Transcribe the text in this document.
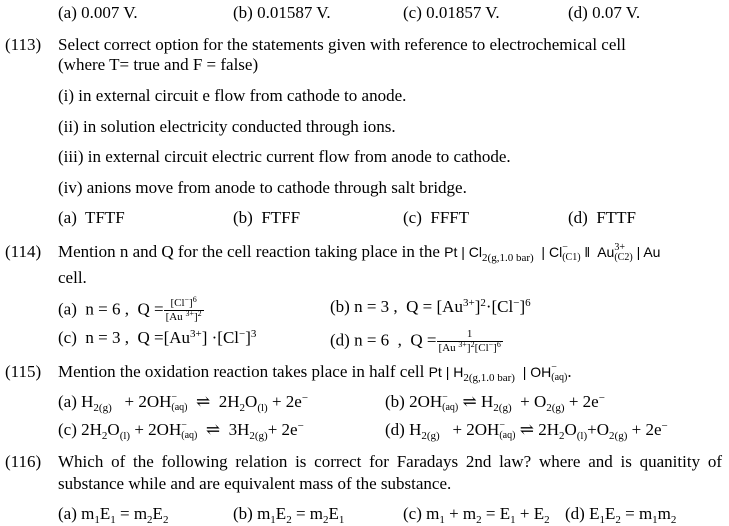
(a) 0.007 V.	(b) 0.01587 V.	(c) 0.01857 V.	(d) 0.07 V.
(113) Select correct option for the statements given with reference to electrochemical cell
(where T= true and F = false)
(i) in external circuit e flow from cathode to anode.
(ii) in solution electricity conducted through ions.
(iii) in external circuit electric current flow from anode to cathode.
(iv) anions move from anode to cathode through salt bridge.
(a)  TFTF	(b)  FTFF	(c)  FFFT	(d)  FTTF
(114) Mention n and Q for the cell reaction taking place in the Pt | $Cl_{2(g,1.0 bar)}$  | Cl −
(C1) ‖  Au 3+
(C2) | Au
cell.
(a)  n = 6 ,  $Q = \frac{[Cl^-]^6}{[Au ^{3+}]^2}$	(b) n = 3 ,  $Q = [Au^{3+}]^2\cdot[Cl^-]^6$
(c)  n = 3 ,  $Q =[Au^{3+}] \cdot[Cl^-]^3$	(d) n = 6  ,  $Q = \frac{1}{[Au ^{3+}]^2[Cl^-]^6}$
(115) Mention the oxidation reaction takes place in half cell Pt | $H_{2(g,1.0 bar)}$  | OH −
(aq) .
(a) $H_{2(g)} + 2OH$ −
(aq) ⇌  $2H_2O_{(l)} + 2e^-$	(b) 2OH −
(aq) ⇌ $H_{2(g)} + O_{2(g)} + 2e^-$
(c) $2H_2O_{(l)} + 2OH$ −
(aq) ⇌  $3H_{2(g)}+ 2e^-$	(d) $H_{2(g)} + 2OH$ −
(aq) ⇌ $2H_2O_{(l)}+O_{2(g)} + 2e^-$
(116) Which of the following relation is correct for Faradays 2nd law? where and is quanitity of
substance while and are equivalent mass of the substance.
(a) $m_1E_1 = m_2E_2$	(b) $m_1E_2 = m_2E_1$	(c) $m_1 + m_2 = E_1 + E_2$ (d) $E_1E_2 = m_1m_2$
